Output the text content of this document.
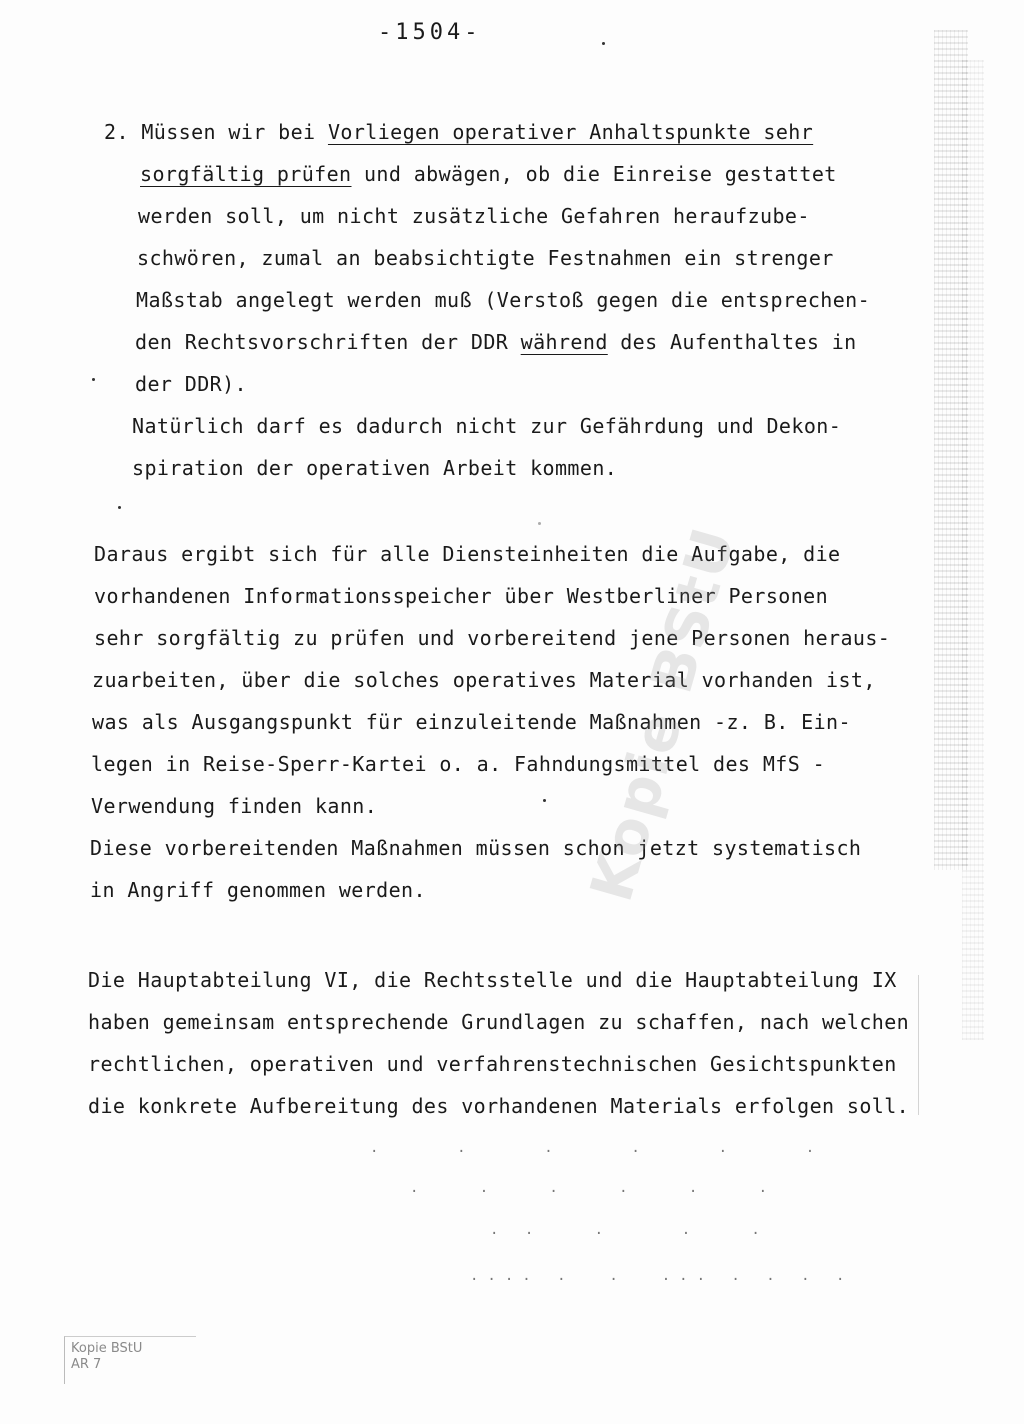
-1504-
2. Müssen wir bei Vorliegen operativer Anhaltspunkte sehr
sorgfältig prüfen und abwägen, ob die Einreise gestattet
werden soll, um nicht zusätzliche Gefahren heraufzube-
schwören, zumal an beabsichtigte Festnahmen ein strenger
Maßstab angelegt werden muß (Verstoß gegen die entsprechen-
den Rechtsvorschriften der DDR während des Aufenthaltes in
der DDR).
Natürlich darf es dadurch nicht zur Gefährdung und Dekon-
spiration der operativen Arbeit kommen.
Daraus ergibt sich für alle Diensteinheiten die Aufgabe, die
vorhandenen Informationsspeicher über Westberliner Personen
sehr sorgfältig zu prüfen und vorbereitend jene Personen heraus-
zuarbeiten, über die solches operatives Material vorhanden ist,
was als Ausgangspunkt für einzuleitende Maßnahmen -z. B. Ein-
legen in Reise-Sperr-Kartei o. a. Fahndungsmittel des MfS -
Verwendung finden kann.
Diese vorbereitenden Maßnahmen müssen schon jetzt systematisch
in Angriff genommen werden.
Die Hauptabteilung VI, die Rechtsstelle und die Hauptabteilung IX
haben gemeinsam entsprechende Grundlagen zu schaffen, nach welchen
rechtlichen, operativen und verfahrenstechnischen Gesichtspunkten
die konkrete Aufbereitung des vorhandenen Materials erfolgen soll.
.    .    .    .    .    .
.   .   .   .   .   .
. .   .    .   .
.... .  .  ... . . . .
Kopie BStU
Kopie BStU
AR 7
